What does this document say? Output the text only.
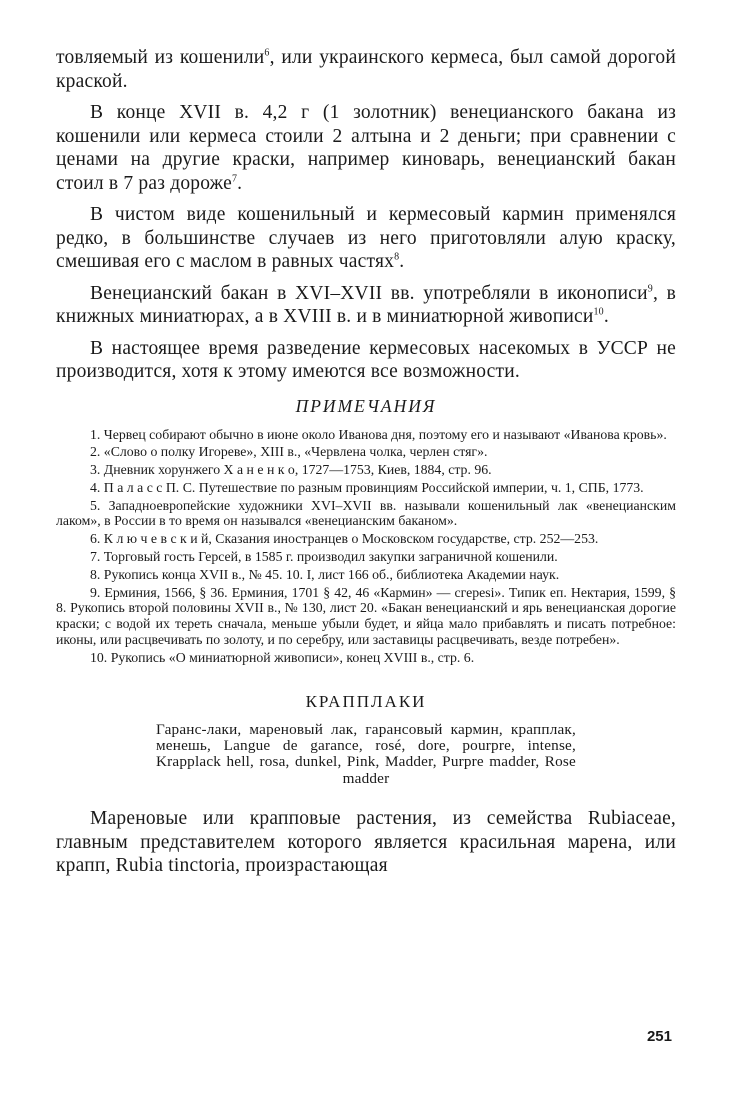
товляемый из кошенили$^6$, или украинского кермеса, был самой дорогой краской.

В конце XVII в. 4,2 г (1 золотник) венецианского бакана из кошенили или кермеса стоили 2 алтына и 2 деньги; при сравнении с ценами на другие краски, например киноварь, венецианский бакан стоил в 7 раз дороже$^7$.

В чистом виде кошенильный и кермесовый кармин применялся редко, в большинстве случаев из него приготовляли алую краску, смешивая его с маслом в равных частях$^8$.

Венецианский бакан в XVI–XVII вв. употребляли в иконописи$^9$, в книжных миниатюрах, а в XVIII в. и в миниатюрной живописи$^{10}$.

В настоящее время разведение кермесовых насекомых в УССР не производится, хотя к этому имеются все возможности.

ПРИМЕЧАНИЯ

1. Червец собирают обычно в июне около Иванова дня, поэтому его и называют «Иванова кровь».

2. «Слово о полку Игореве», XIII в., «Червлена чолка, черлен стяг».

3. Дневник хорунжего Х а н е н к о, 1727—1753, Киев, 1884, стр. 96.

4. П а л а с с П. С. Путешествие по разным провинциям Российской империи, ч. 1, СПБ, 1773.

5. Западноевропейские художники XVI–XVII вв. называли кошенильный лак «венецианским лаком», в России в то время он назывался «венецианским баканом».

6. К л ю ч е в с к и й, Сказания иностранцев о Московском государстве, стр. 252—253.

7. Торговый гость Герсей, в 1585 г. производил закупки заграничной кошенили.

8. Рукопись конца XVII в., № 45. 10. I, лист 166 об., библиотека Академии наук.

9. Ерминия, 1566, § 36. Ерминия, 1701 § 42, 46 «Кармин» — cгереsi». Типик еп. Нектария, 1599, § 8. Рукопись второй половины XVII в., № 130, лист 20. «Бакан венецианский и ярь венецианская дорогие краски; с водой их тереть сначала, меньше убыли будет, и яйца мало прибавлять и писать потребное: иконы, или расцвечивать по золоту, и по серебру, или заставицы расцвечивать, везде потребен».

10. Рукопись «О миниатюрной живописи», конец XVIII в., стр. 6.

КРАППЛАКИ
Гаранс-лаки, мареновый лак, гарансовый кармин, крапплак, менешь, Langue de garance, rosé, dore, pourpre, intense, Krapplack hell, rosa, dunkel, Pink, Madder, Purpre madder, Rose madder

Мареновые или крапповые растения, из семейства Rubiaceae, главным представителем которого является красильная марена, или крапп, Rubia tinctoria, произрастающая

251
